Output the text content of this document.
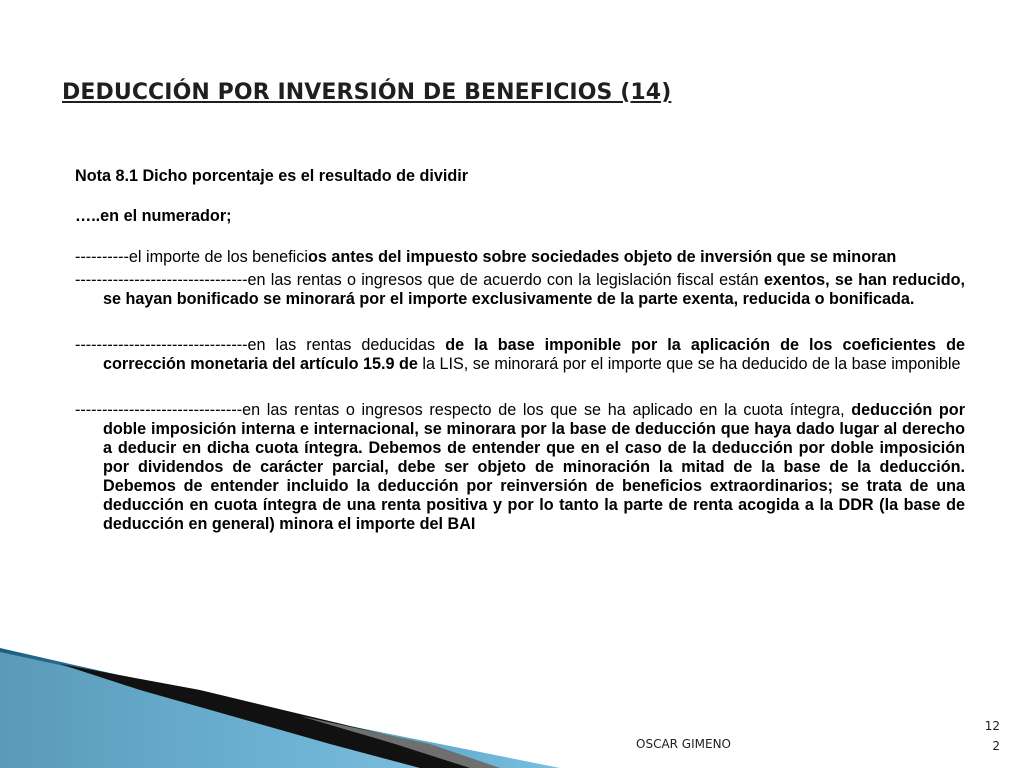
DEDUCCIÓN POR INVERSIÓN DE BENEFICIOS (14)

Nota 8.1 Dicho porcentaje es el resultado de dividir

…..en el numerador;

----------el importe de los beneficios antes del impuesto sobre sociedades objeto de inversión que se minoran

--------------------------------en las rentas o ingresos que de acuerdo con la legislación fiscal están exentos, se han reducido, se hayan bonificado se minorará por el importe exclusivamente de la parte exenta, reducida o bonificada.

--------------------------------en las rentas deducidas de la base imponible por la aplicación de los coeficientes de corrección monetaria del artículo 15.9 de la LIS, se minorará por el importe que se ha deducido de la base imponible

-------------------------------en las rentas o ingresos respecto de los que se ha aplicado en la cuota íntegra, deducción por doble imposición interna e internacional, se minorara por la base de deducción que haya dado lugar al derecho a deducir en dicha cuota íntegra. Debemos de entender que en el caso de la deducción por doble imposición por dividendos de carácter parcial, debe ser objeto de minoración la mitad de la base de la deducción. Debemos de entender incluido la deducción por reinversión de beneficios extraordinarios; se trata de una deducción en cuota íntegra de una renta positiva y por lo tanto la parte de renta acogida a la DDR (la base de deducción en general) minora el importe del BAI

OSCAR GIMENO
12
2
